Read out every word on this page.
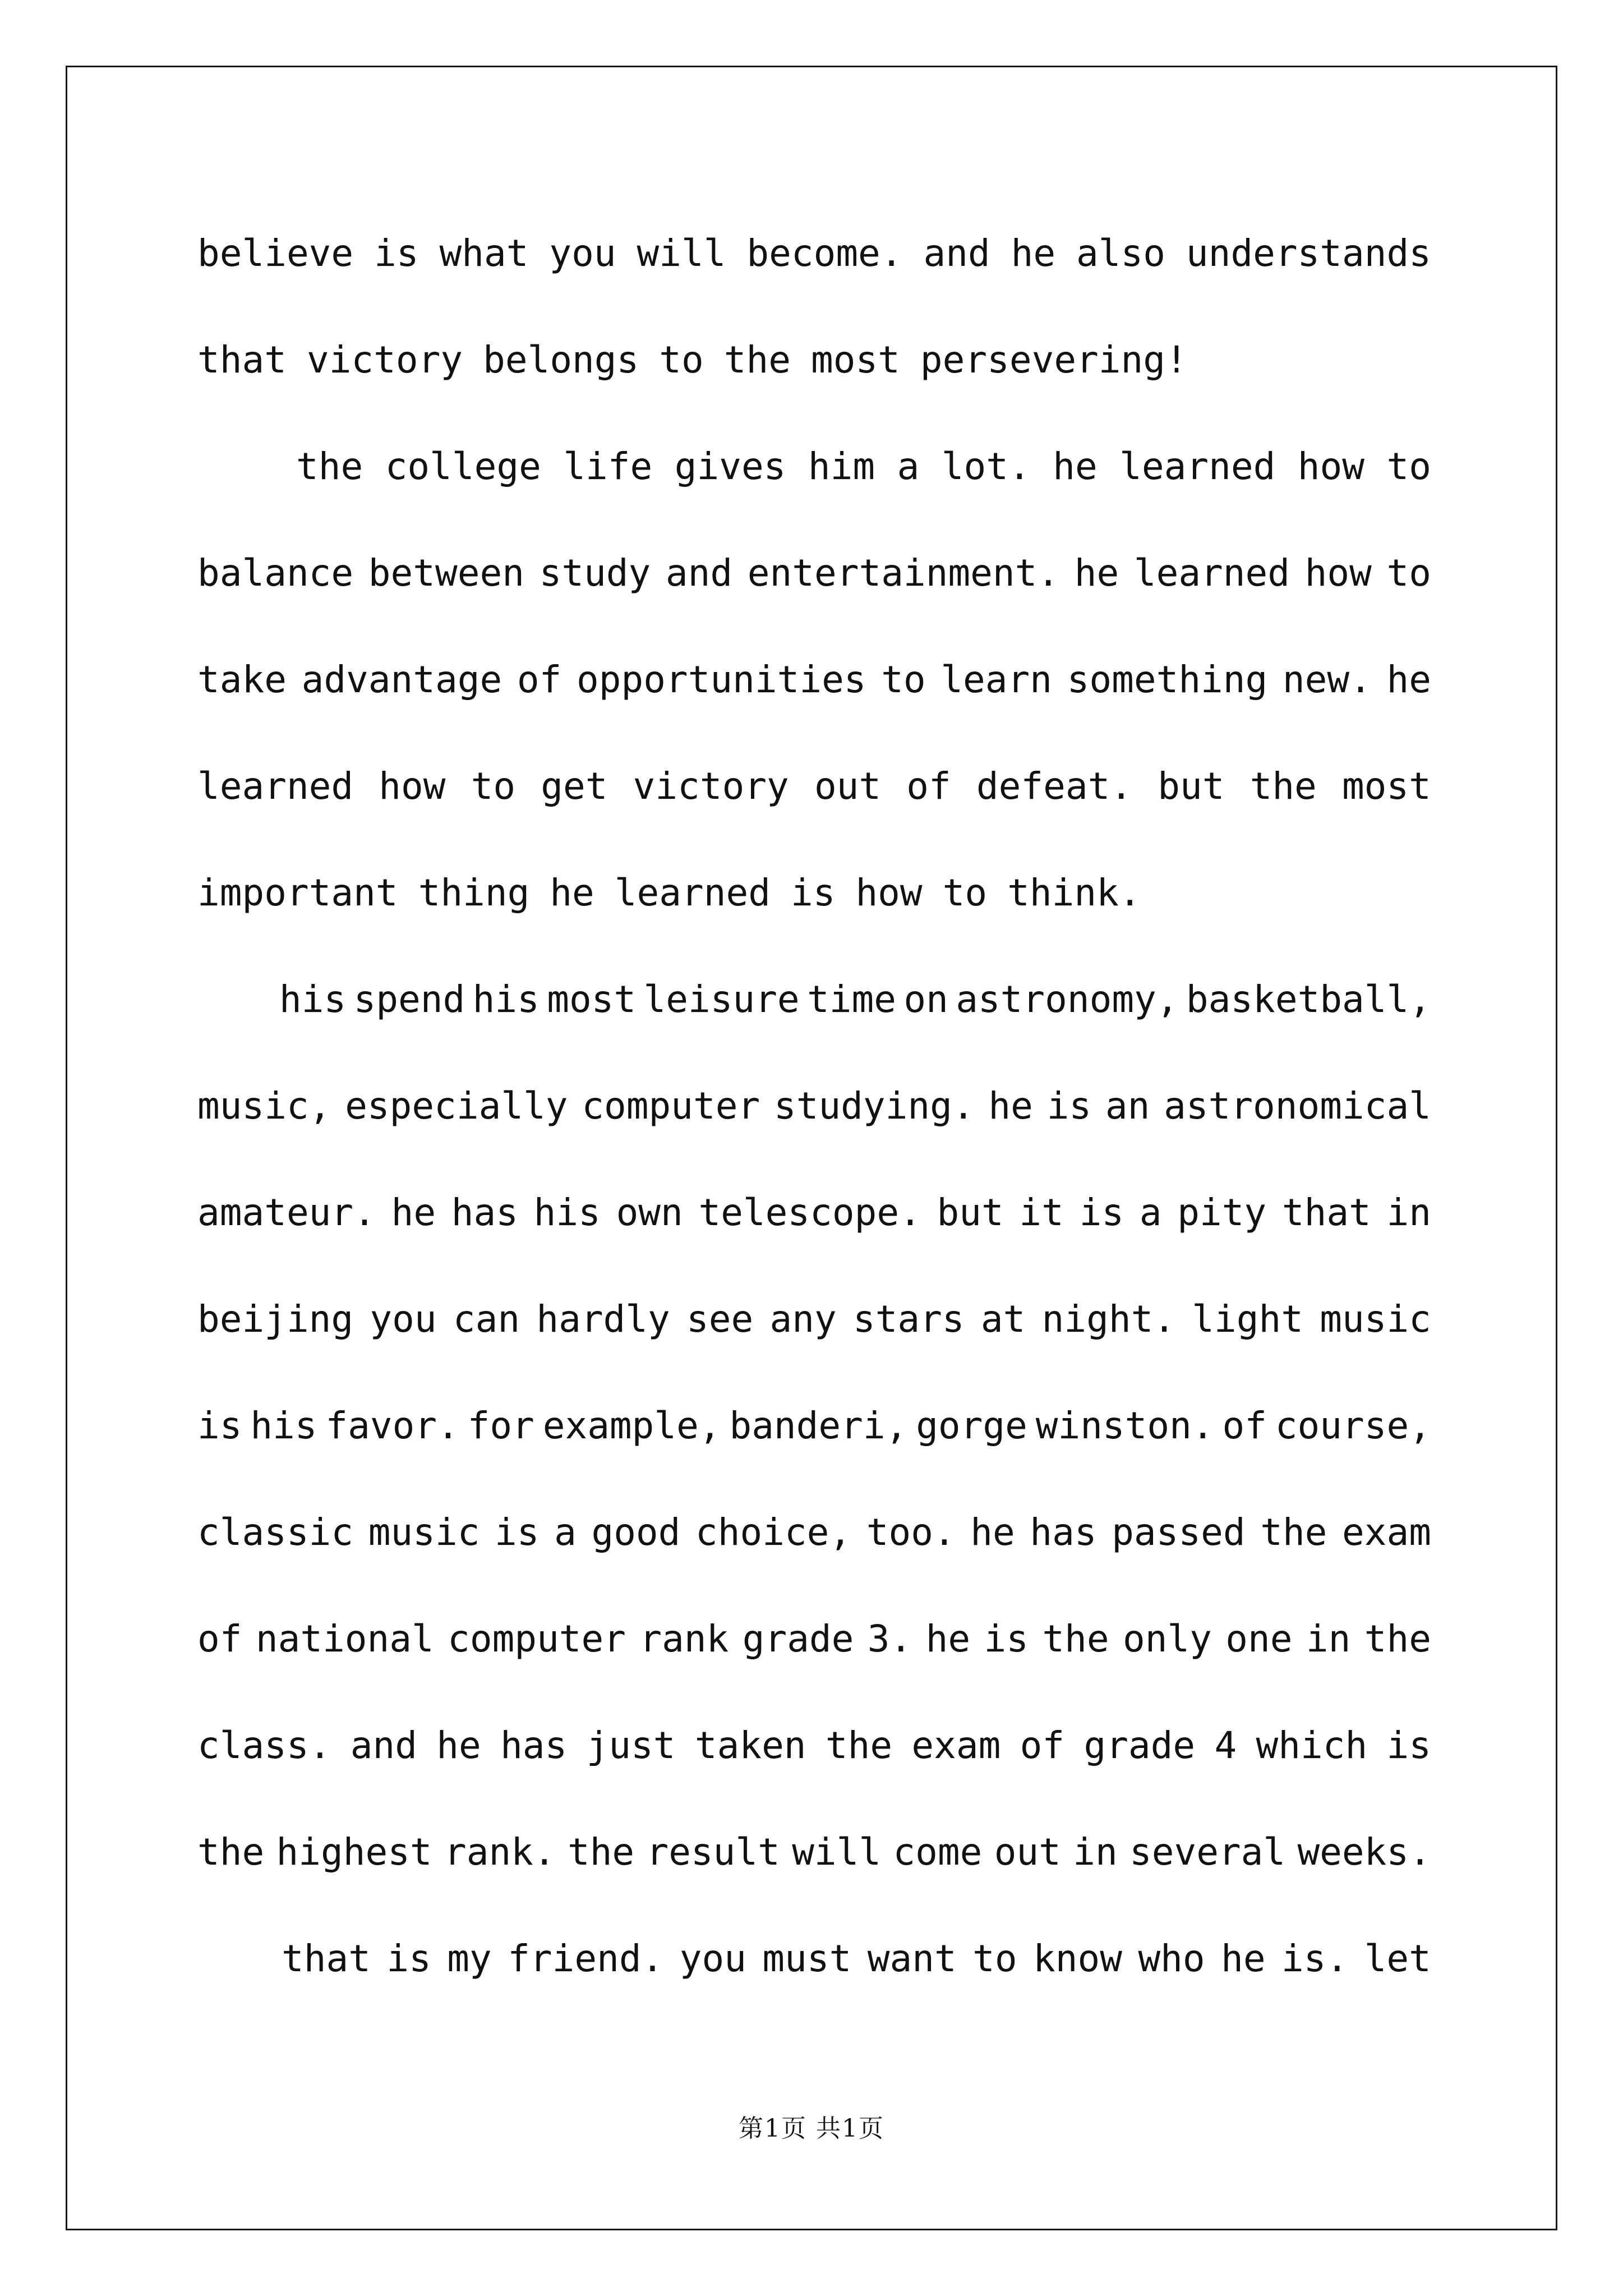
believe is what you will become. and he also understands
that victory belongs to the most persevering!
the college life gives him a lot. he learned how to
balance between study and entertainment. he learned how to
take advantage of opportunities to learn something new. he
learned how to get victory out of defeat. but the most
important thing he learned is how to think.
his spend his most leisure time on astronomy, basketball,
music, especially computer studying. he is an astronomical
amateur. he has his own telescope. but it is a pity that in
beijing you can hardly see any stars at night. light music
is his favor. for example, banderi, gorge winston. of course,
classic music is a good choice, too. he has passed the exam
of national computer rank grade 3. he is the only one in the
class. and he has just taken the exam of grade 4 which is
the highest rank. the result will come out in several weeks.
that is my friend. you must want to know who he is. let
第1页 共1页
